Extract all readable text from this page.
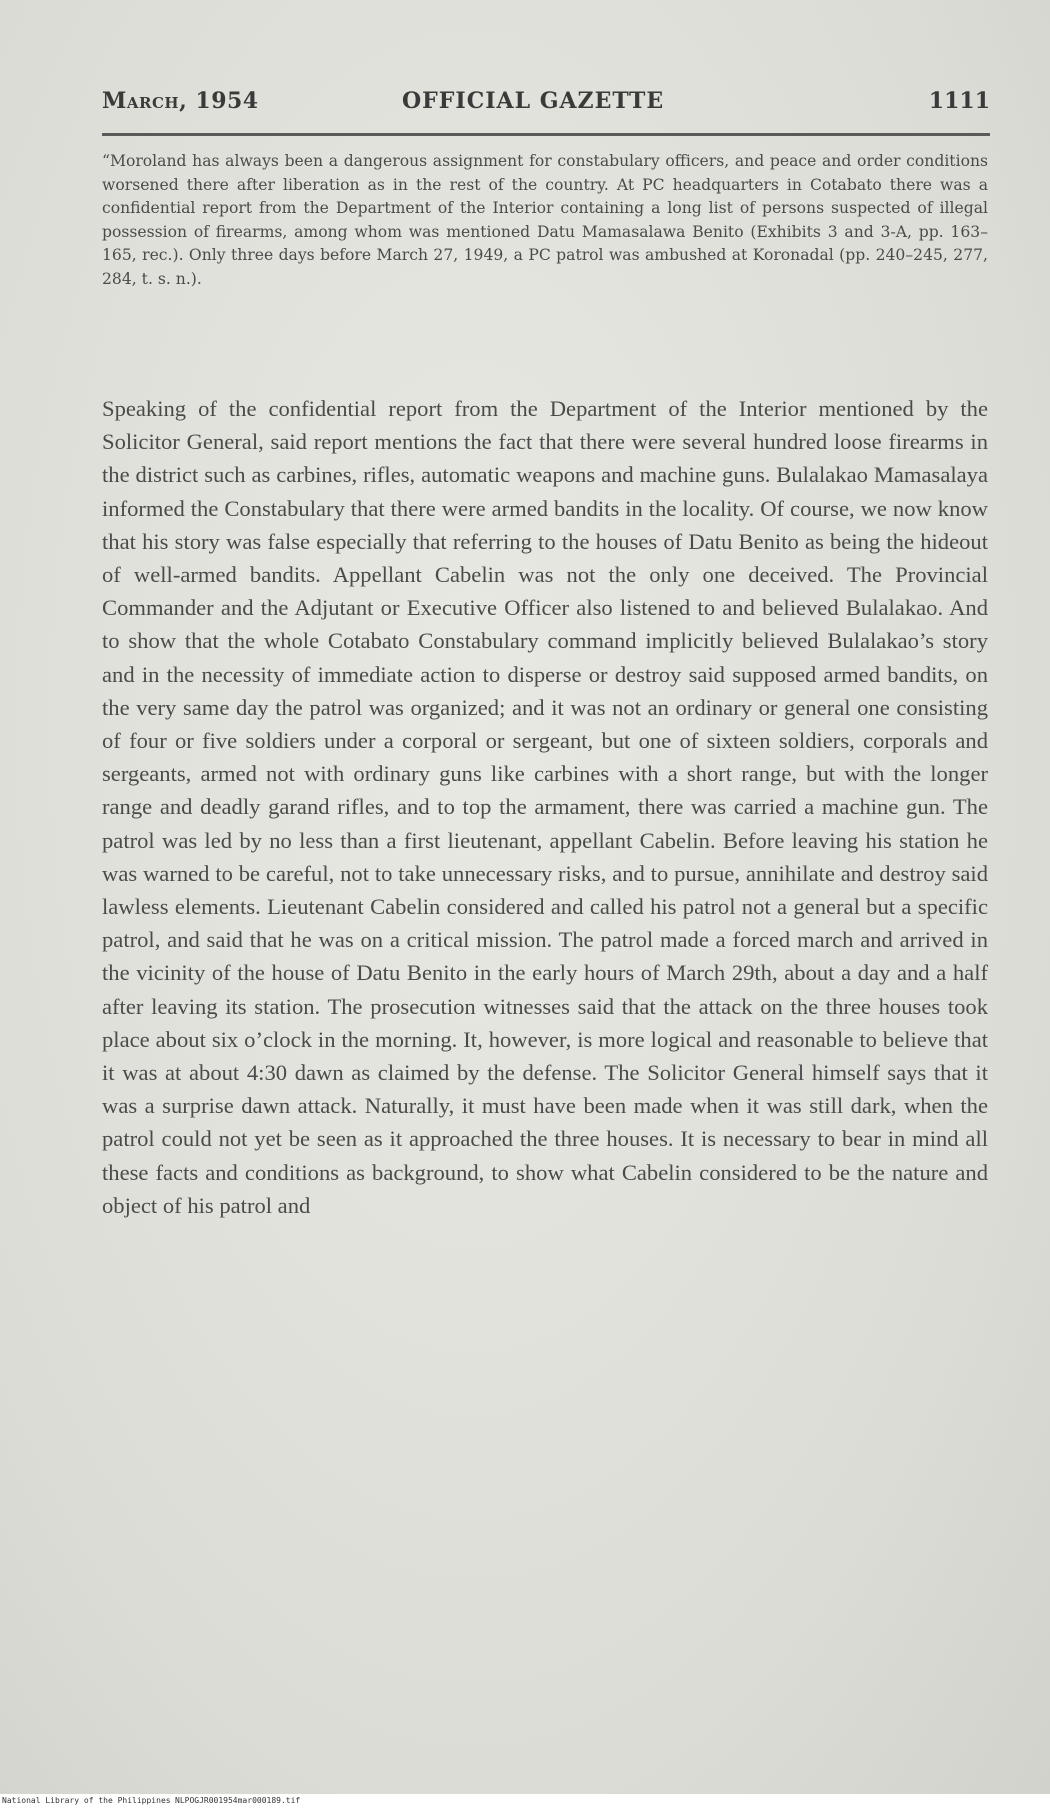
March, 1954	OFFICIAL GAZETTE	1111
“Moroland has always been a dangerous assignment for constabulary officers, and peace and order conditions worsened there after liberation as in the rest of the country. At PC headquarters in Cotabato there was a confidential report from the Department of the Interior containing a long list of persons suspected of illegal possession of firearms, among whom was mentioned Datu Mamasalawa Benito (Exhibits 3 and 3-A, pp. 163–165, rec.). Only three days before March 27, 1949, a PC patrol was ambushed at Koronadal (pp. 240–245, 277, 284, t. s. n.).
Speaking of the confidential report from the Department of the Interior mentioned by the Solicitor General, said report mentions the fact that there were several hundred loose firearms in the district such as carbines, rifles, automatic weapons and machine guns. Bulalakao Mamasalaya informed the Constabulary that there were armed bandits in the locality. Of course, we now know that his story was false especially that referring to the houses of Datu Benito as being the hideout of well-armed bandits. Appellant Cabelin was not the only one deceived. The Provincial Commander and the Adjutant or Executive Officer also listened to and believed Bulalakao. And to show that the whole Cotabato Constabulary command implicitly believed Bulalakao’s story and in the necessity of immediate action to disperse or destroy said supposed armed bandits, on the very same day the patrol was organized; and it was not an ordinary or general one consisting of four or five soldiers under a corporal or sergeant, but one of sixteen soldiers, corporals and sergeants, armed not with ordinary guns like carbines with a short range, but with the longer range and deadly garand rifles, and to top the armament, there was carried a machine gun. The patrol was led by no less than a first lieutenant, appellant Cabelin. Before leaving his station he was warned to be careful, not to take unnecessary risks, and to pursue, annihilate and destroy said lawless elements. Lieutenant Cabelin considered and called his patrol not a general but a specific patrol, and said that he was on a critical mission. The patrol made a forced march and arrived in the vicinity of the house of Datu Benito in the early hours of March 29th, about a day and a half after leaving its station. The prosecution witnesses said that the attack on the three houses took place about six o’clock in the morning. It, however, is more logical and reasonable to believe that it was at about 4:30 dawn as claimed by the defense. The Solicitor General himself says that it was a surprise dawn attack. Naturally, it must have been made when it was still dark, when the patrol could not yet be seen as it approached the three houses. It is necessary to bear in mind all these facts and conditions as background, to show what Cabelin considered to be the nature and object of his patrol and
National Library of the Philippines NLPOGJR001954mar000189.tif
